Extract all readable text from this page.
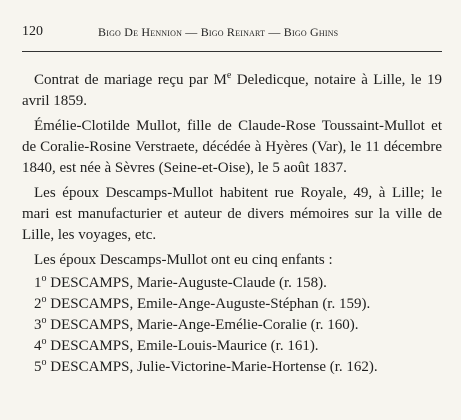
120	Bigo De Hennion — Bigo Reinart — Bigo Ghins

Contrat de mariage reçu par Me Deledicque, notaire à Lille, le 19 avril 1859.

Émélie-Clotilde Mullot, fille de Claude-Rose Toussaint-Mullot et de Coralie-Rosine Verstraete, décédée à Hyères (Var), le 11 décembre 1840, est née à Sèvres (Seine-et-Oise), le 5 août 1837.

Les époux Descamps-Mullot habitent rue Royale, 49, à Lille; le mari est manufacturier et auteur de divers mémoires sur la ville de Lille, les voyages, etc.

Les époux Descamps-Mullot ont eu cinq enfants :

1$^o$ DESCAMPS, Marie-Auguste-Claude (r. 158).
2$^o$ DESCAMPS, Emile-Ange-Auguste-Stéphan (r. 159).
3$^o$ DESCAMPS, Marie-Ange-Emélie-Coralie (r. 160).
4$^o$ DESCAMPS, Emile-Louis-Maurice (r. 161).
5$^o$ DESCAMPS, Julie-Victorine-Marie-Hortense (r. 162).
